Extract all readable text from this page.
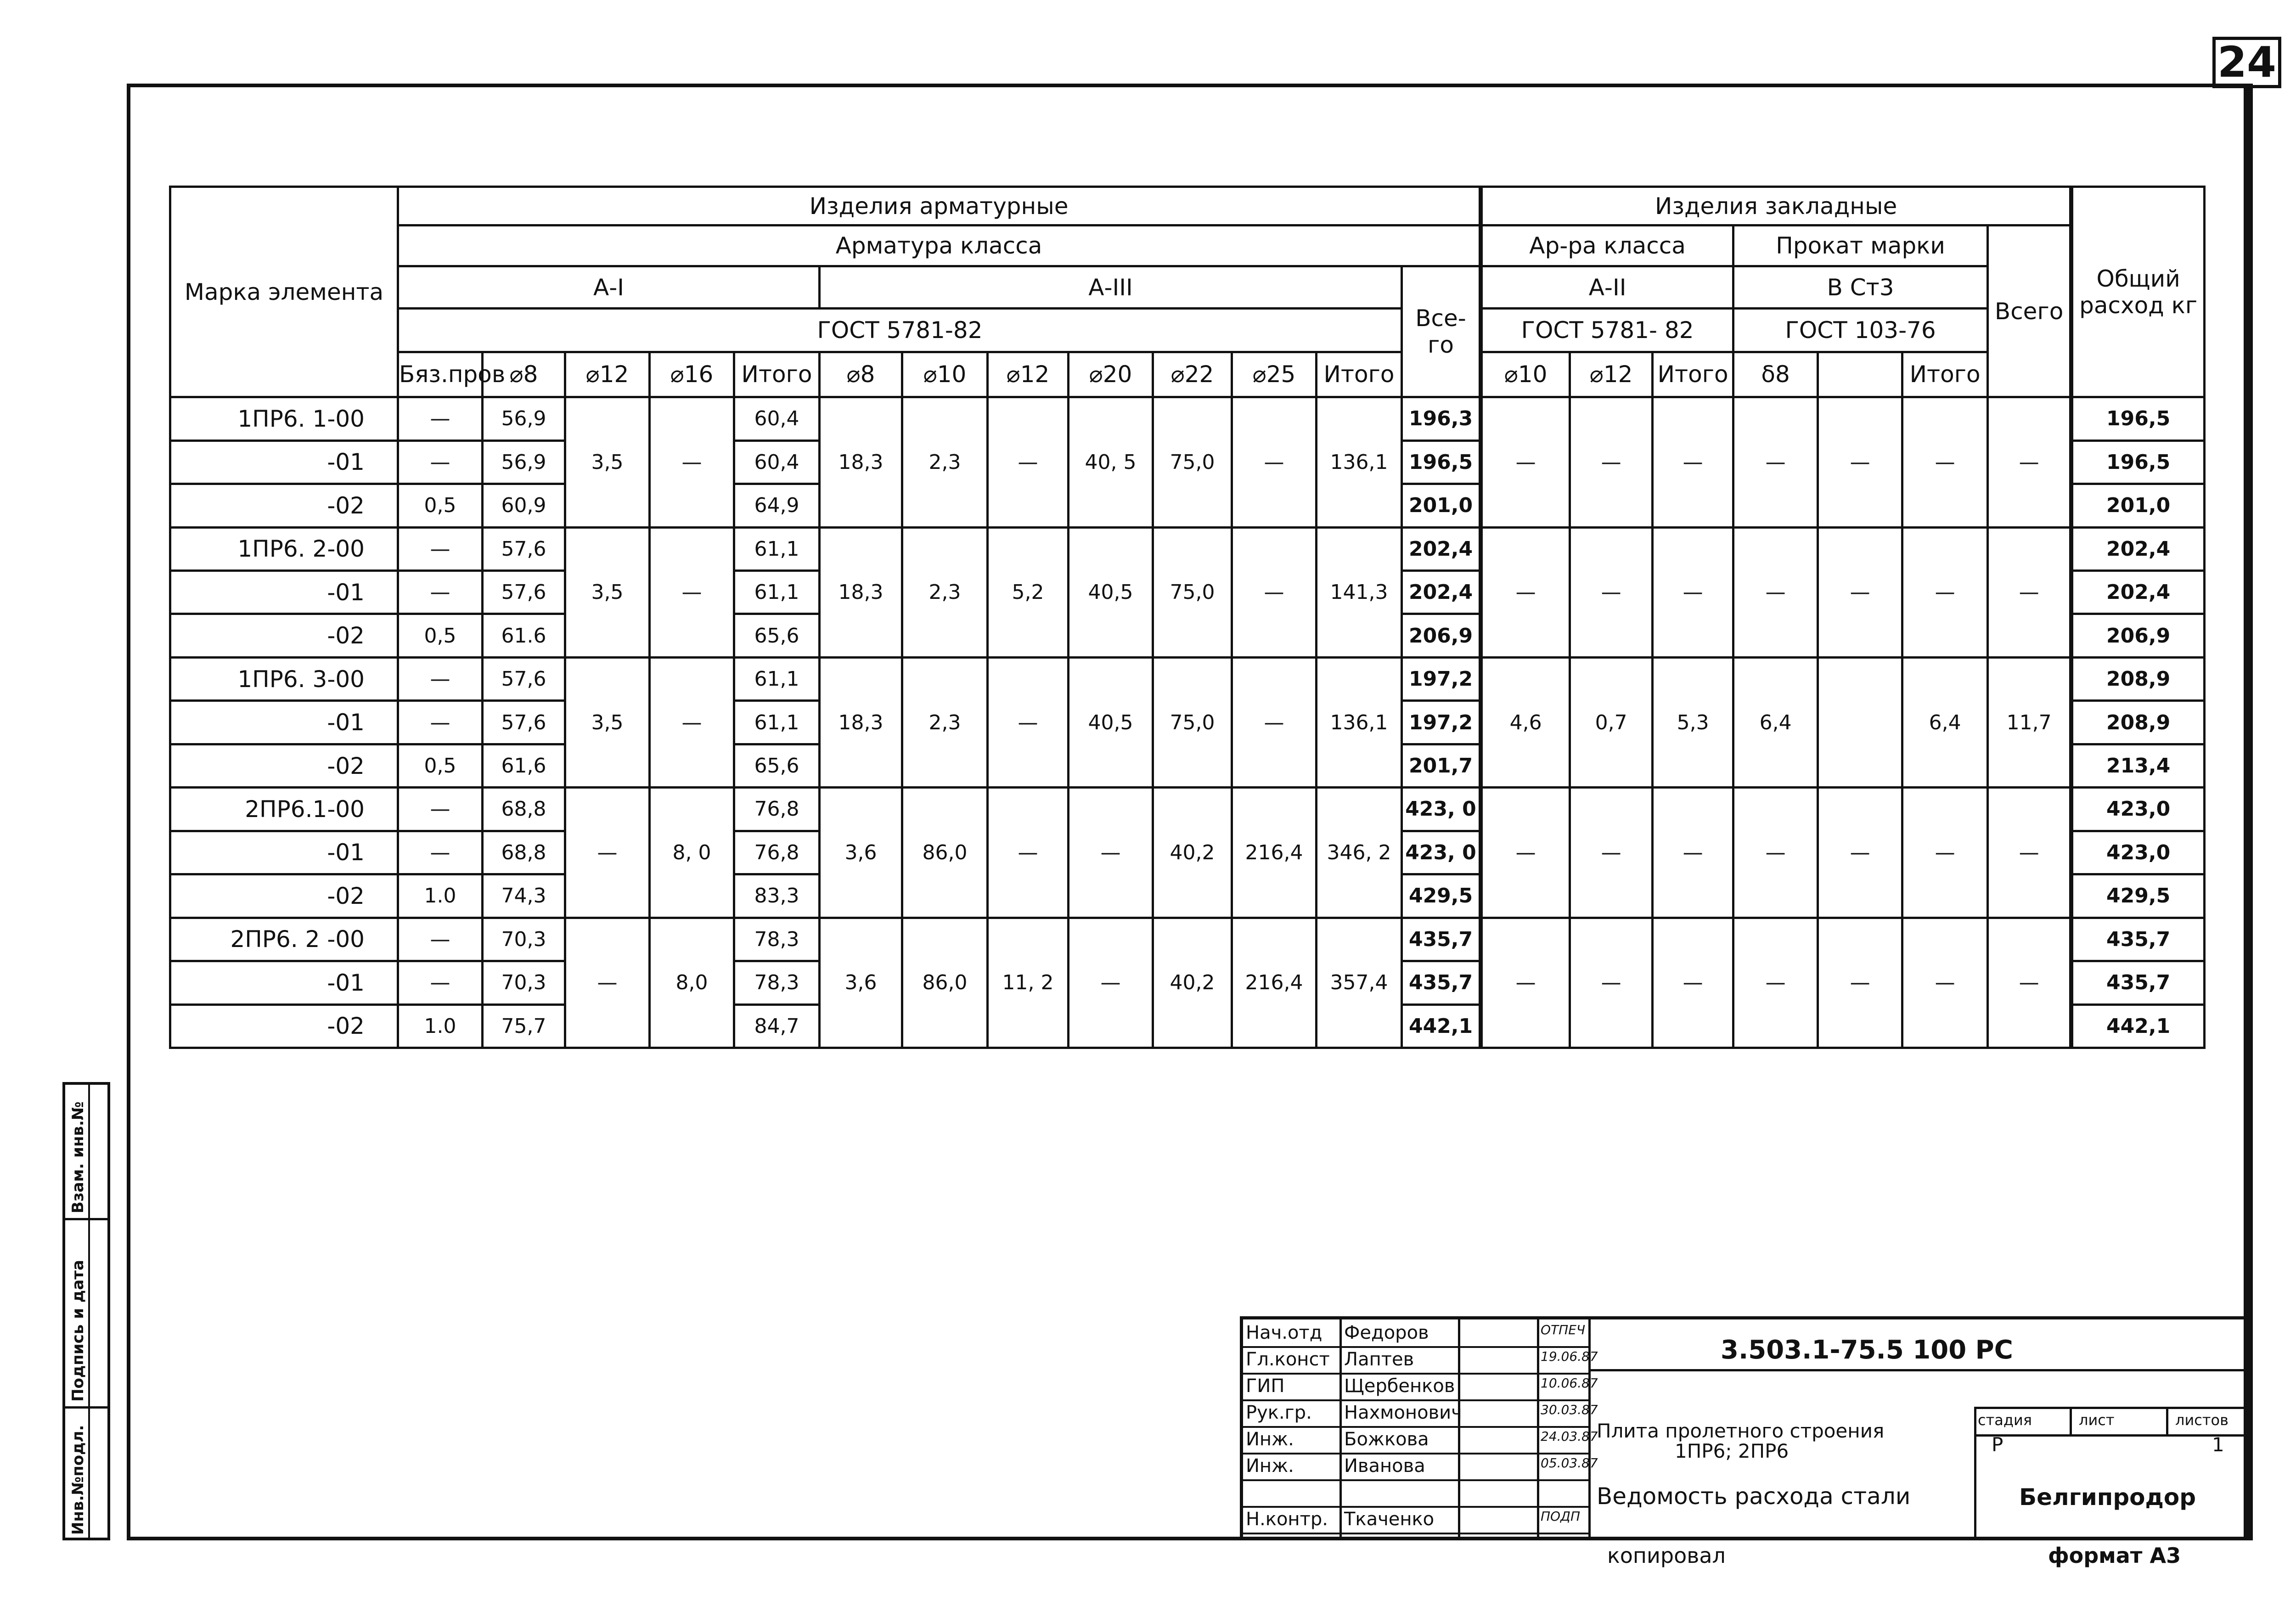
24
Марка элемента	Изделия арматурные													Изделия закладные							Общий расход кг
	Арматура класса													Ар-ра класса			Прокат марки			Всего	
	А-I					А-III							Все-го	А-II			В Ст3				
	ГОСТ 5781-82													ГОСТ 5781- 82			ГОСТ 103-76				
	Бяз.пров	⌀8	⌀12	⌀16	Итого	⌀8	⌀10	⌀12	⌀20	⌀22	⌀25	Итого		⌀10	⌀12	Итого	δ8		Итого		
1ПР6. 1-00	—	56,9	3,5	—	60,4	18,3	2,3	—	40, 5	75,0	—	136,1	196,3	—	—	—	—	—	—	—	196,5
-01	—	56,9			60,4								196,5								196,5
-02	0,5	60,9			64,9								201,0								201,0
1ПР6. 2-00	—	57,6	3,5	—	61,1	18,3	2,3	5,2	40,5	75,0	—	141,3	202,4	—	—	—	—	—	—	—	202,4
-01	—	57,6			61,1								202,4								202,4
-02	0,5	61.6			65,6								206,9								206,9
1ПР6. 3-00	—	57,6	3,5	—	61,1	18,3	2,3	—	40,5	75,0	—	136,1	197,2	4,6	0,7	5,3	6,4		6,4	11,7	208,9
-01	—	57,6			61,1								197,2								208,9
-02	0,5	61,6			65,6								201,7								213,4
2ПР6.1-00	—	68,8	—	8, 0	76,8	3,6	86,0	—	—	40,2	216,4	346, 2	423, 0	—	—	—	—	—	—	—	423,0
-01	—	68,8			76,8								423, 0								423,0
-02	1.0	74,3			83,3								429,5								429,5
2ПР6. 2 -00	—	70,3	—	8,0	78,3	3,6	86,0	11, 2	—	40,2	216,4	357,4	435,7	—	—	—	—	—	—	—	435,7
-01	—	70,3			78,3								435,7								435,7
-02	1.0	75,7			84,7								442,1								442,1
Инв.№подл.
Подпись и дата
Взам. инв.№
Нач.отд Федоров	ОТПЕЧ
Гл.конст Лаптев	19.06.87
ГИП	Щербенков	10.06.87
Рук.гр. Нахмонович	30.03.87
Инж.	Божкова	24.03.87
Инж.	Иванова	05.03.87
Н.контр. Ткаченко	ПОДП
3.503.1-75.5 100 РС
Плита пролетного строения
1ПР6; 2ПР6
Ведомость расхода стали
стадия	лист	листов
Р	1
Белгипродор
копировал	формат А3
